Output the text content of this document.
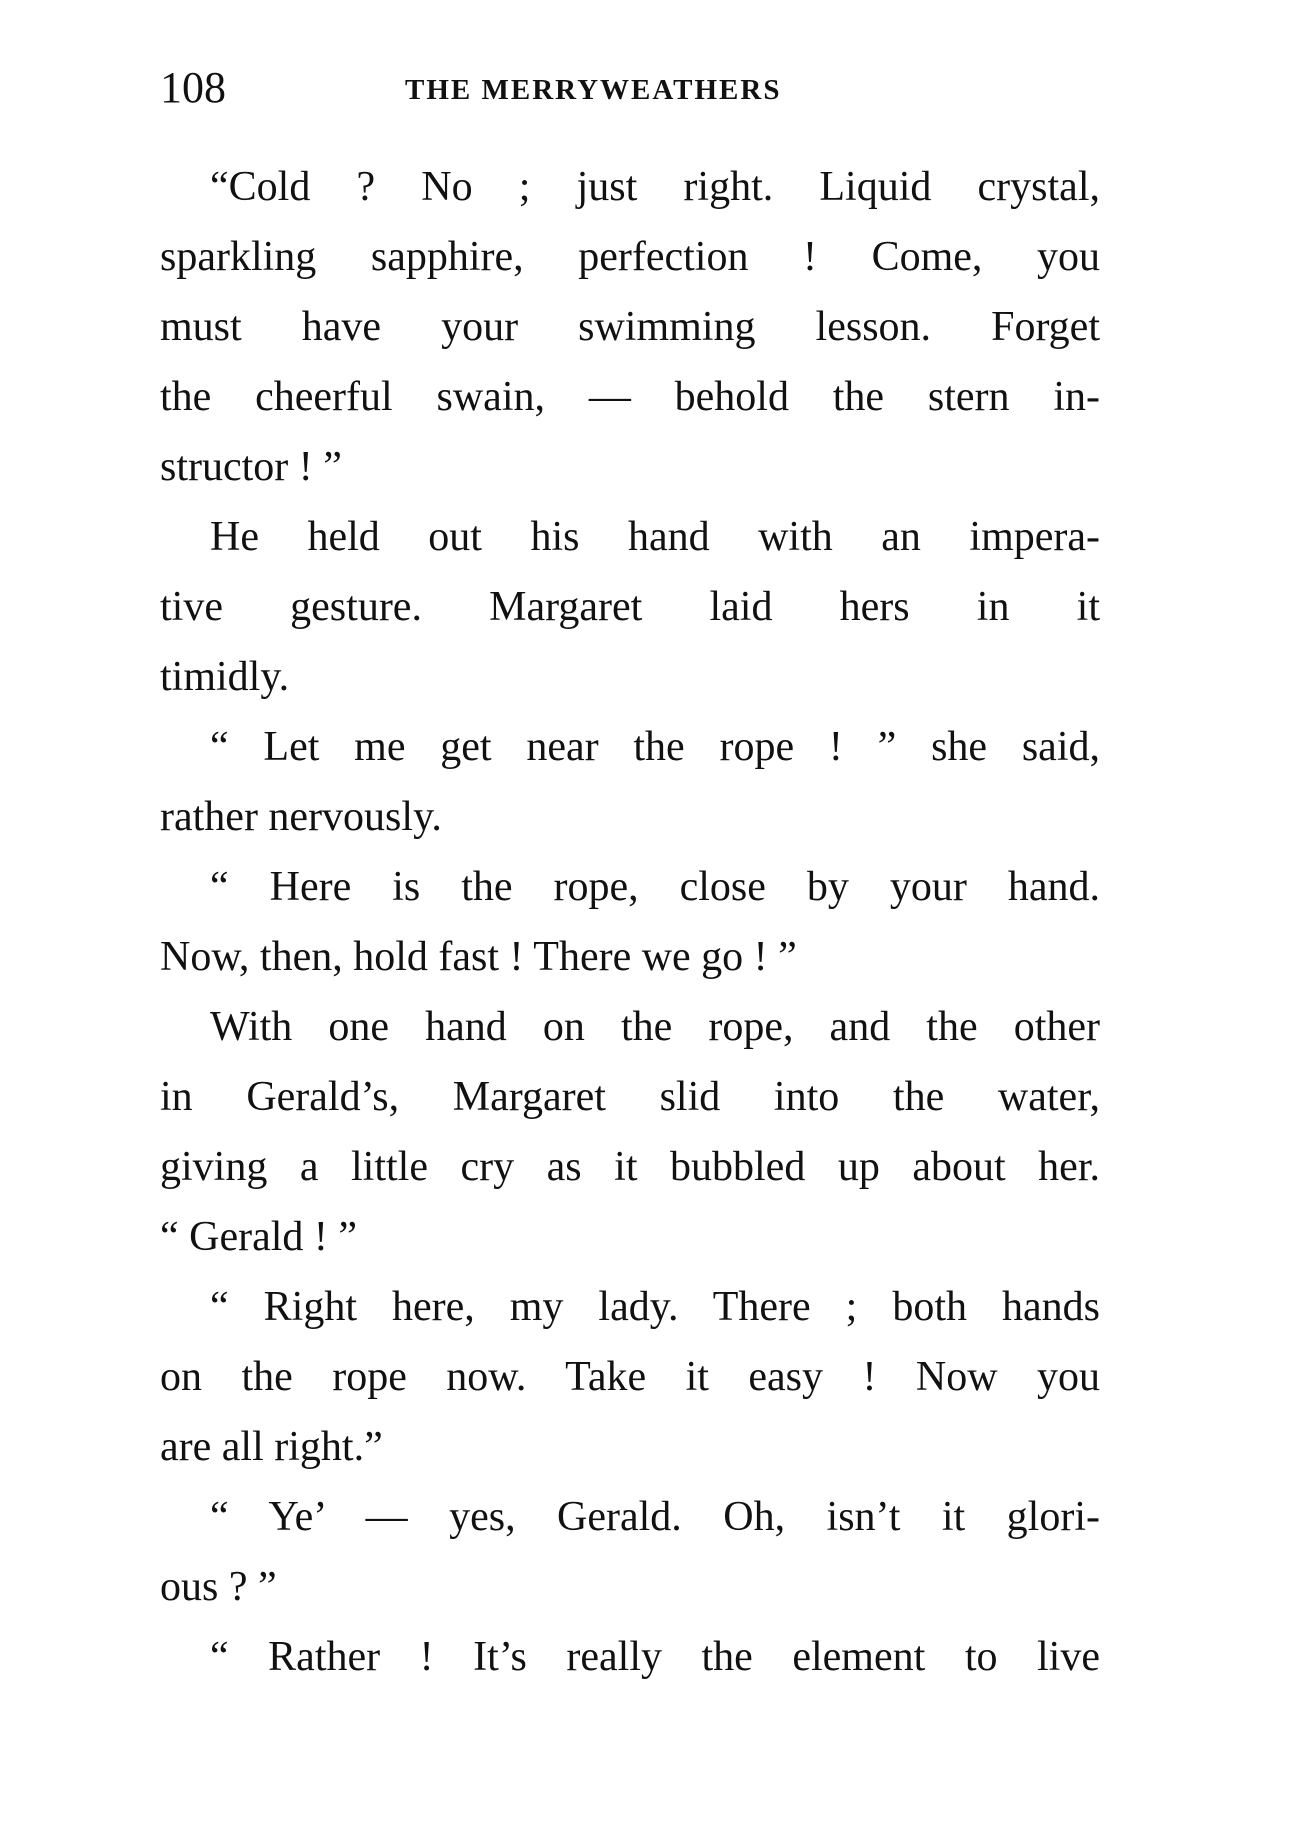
108	THE MERRYWEATHERS

“Cold ? No ; just right. Liquid crystal,
sparkling sapphire, perfection ! Come, you
must have your swimming lesson. Forget
the cheerful swain, — behold the stern in-
structor ! ”

He held out his hand with an impera-
tive gesture. Margaret laid hers in it
timidly.

“ Let me get near the rope ! ” she said,
rather nervously.

“ Here is the rope, close by your hand.
Now, then, hold fast ! There we go ! ”

With one hand on the rope, and the other
in Gerald’s, Margaret slid into the water,
giving a little cry as it bubbled up about her.
“ Gerald ! ”

“ Right here, my lady. There ; both hands
on the rope now. Take it easy ! Now you
are all right.”

“ Ye’ — yes, Gerald. Oh, isn’t it glori-
ous ? ”

“ Rather ! It’s really the element to live
